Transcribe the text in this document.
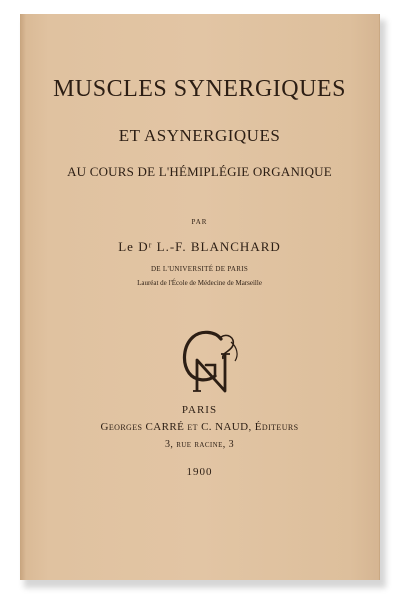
MUSCLES SYNERGIQUES

ET ASYNERGIQUES

AU COURS DE L'HÉMIPLÉGIE ORGANIQUE

PAR

Le Dʳ L.-F. BLANCHARD

DE L'UNIVERSITÉ DE PARIS

Lauréat de l'École de Médecine de Marseille

PARIS

Georges CARRÉ et C. NAUD, Éditeurs

3, rue racine, 3

1900
